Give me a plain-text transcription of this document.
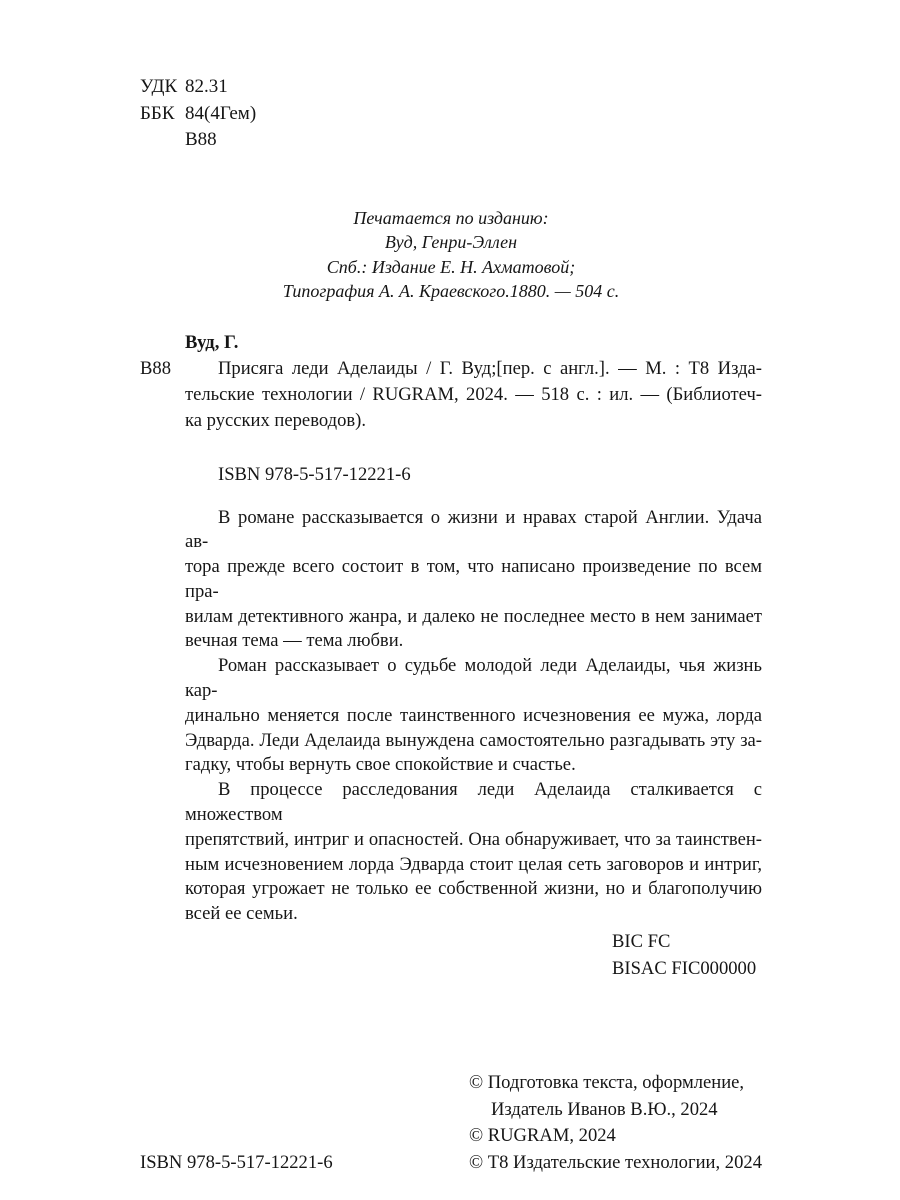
УДК 82.31
ББК 84(4Гем)
В88
Печатается по изданию:
Вуд, Генри-Эллен
Спб.: Издание Е. Н. Ахматовой;
Типография А. А. Краевского.1880. — 504 с.
Вуд, Г.
В88	Присяга леди Аделаиды / Г. Вуд;[пер. с англ.]. — М. : Т8 Изда-
тельские технологии / RUGRAM, 2024. — 518 с. : ил. — (Библиотеч-
ка русских переводов).
ISBN 978-5-517-12221-6
В романе рассказывается о жизни и нравах старой Англии. Удача ав-
тора прежде всего состоит в том, что написано произведение по всем пра-
вилам детективного жанра, и далеко не последнее место в нем занимает
вечная тема — тема любви.
Роман рассказывает о судьбе молодой леди Аделаиды, чья жизнь кар-
динально меняется после таинственного исчезновения ее мужа, лорда
Эдварда. Леди Аделаида вынуждена самостоятельно разгадывать эту за-
гадку, чтобы вернуть свое спокойствие и счастье.
В процессе расследования леди Аделаида сталкивается с множеством
препятствий, интриг и опасностей. Она обнаруживает, что за таинствен-
ным исчезновением лорда Эдварда стоит целая сеть заговоров и интриг,
которая угрожает не только ее собственной жизни, но и благополучию
всей ее семьи.
BIC FC
BISAC FIC000000
ISBN 978-5-517-12221-6
© Подготовка текста, оформление,
Издатель Иванов В.Ю., 2024
© RUGRAM, 2024
© Т8 Издательские технологии, 2024
